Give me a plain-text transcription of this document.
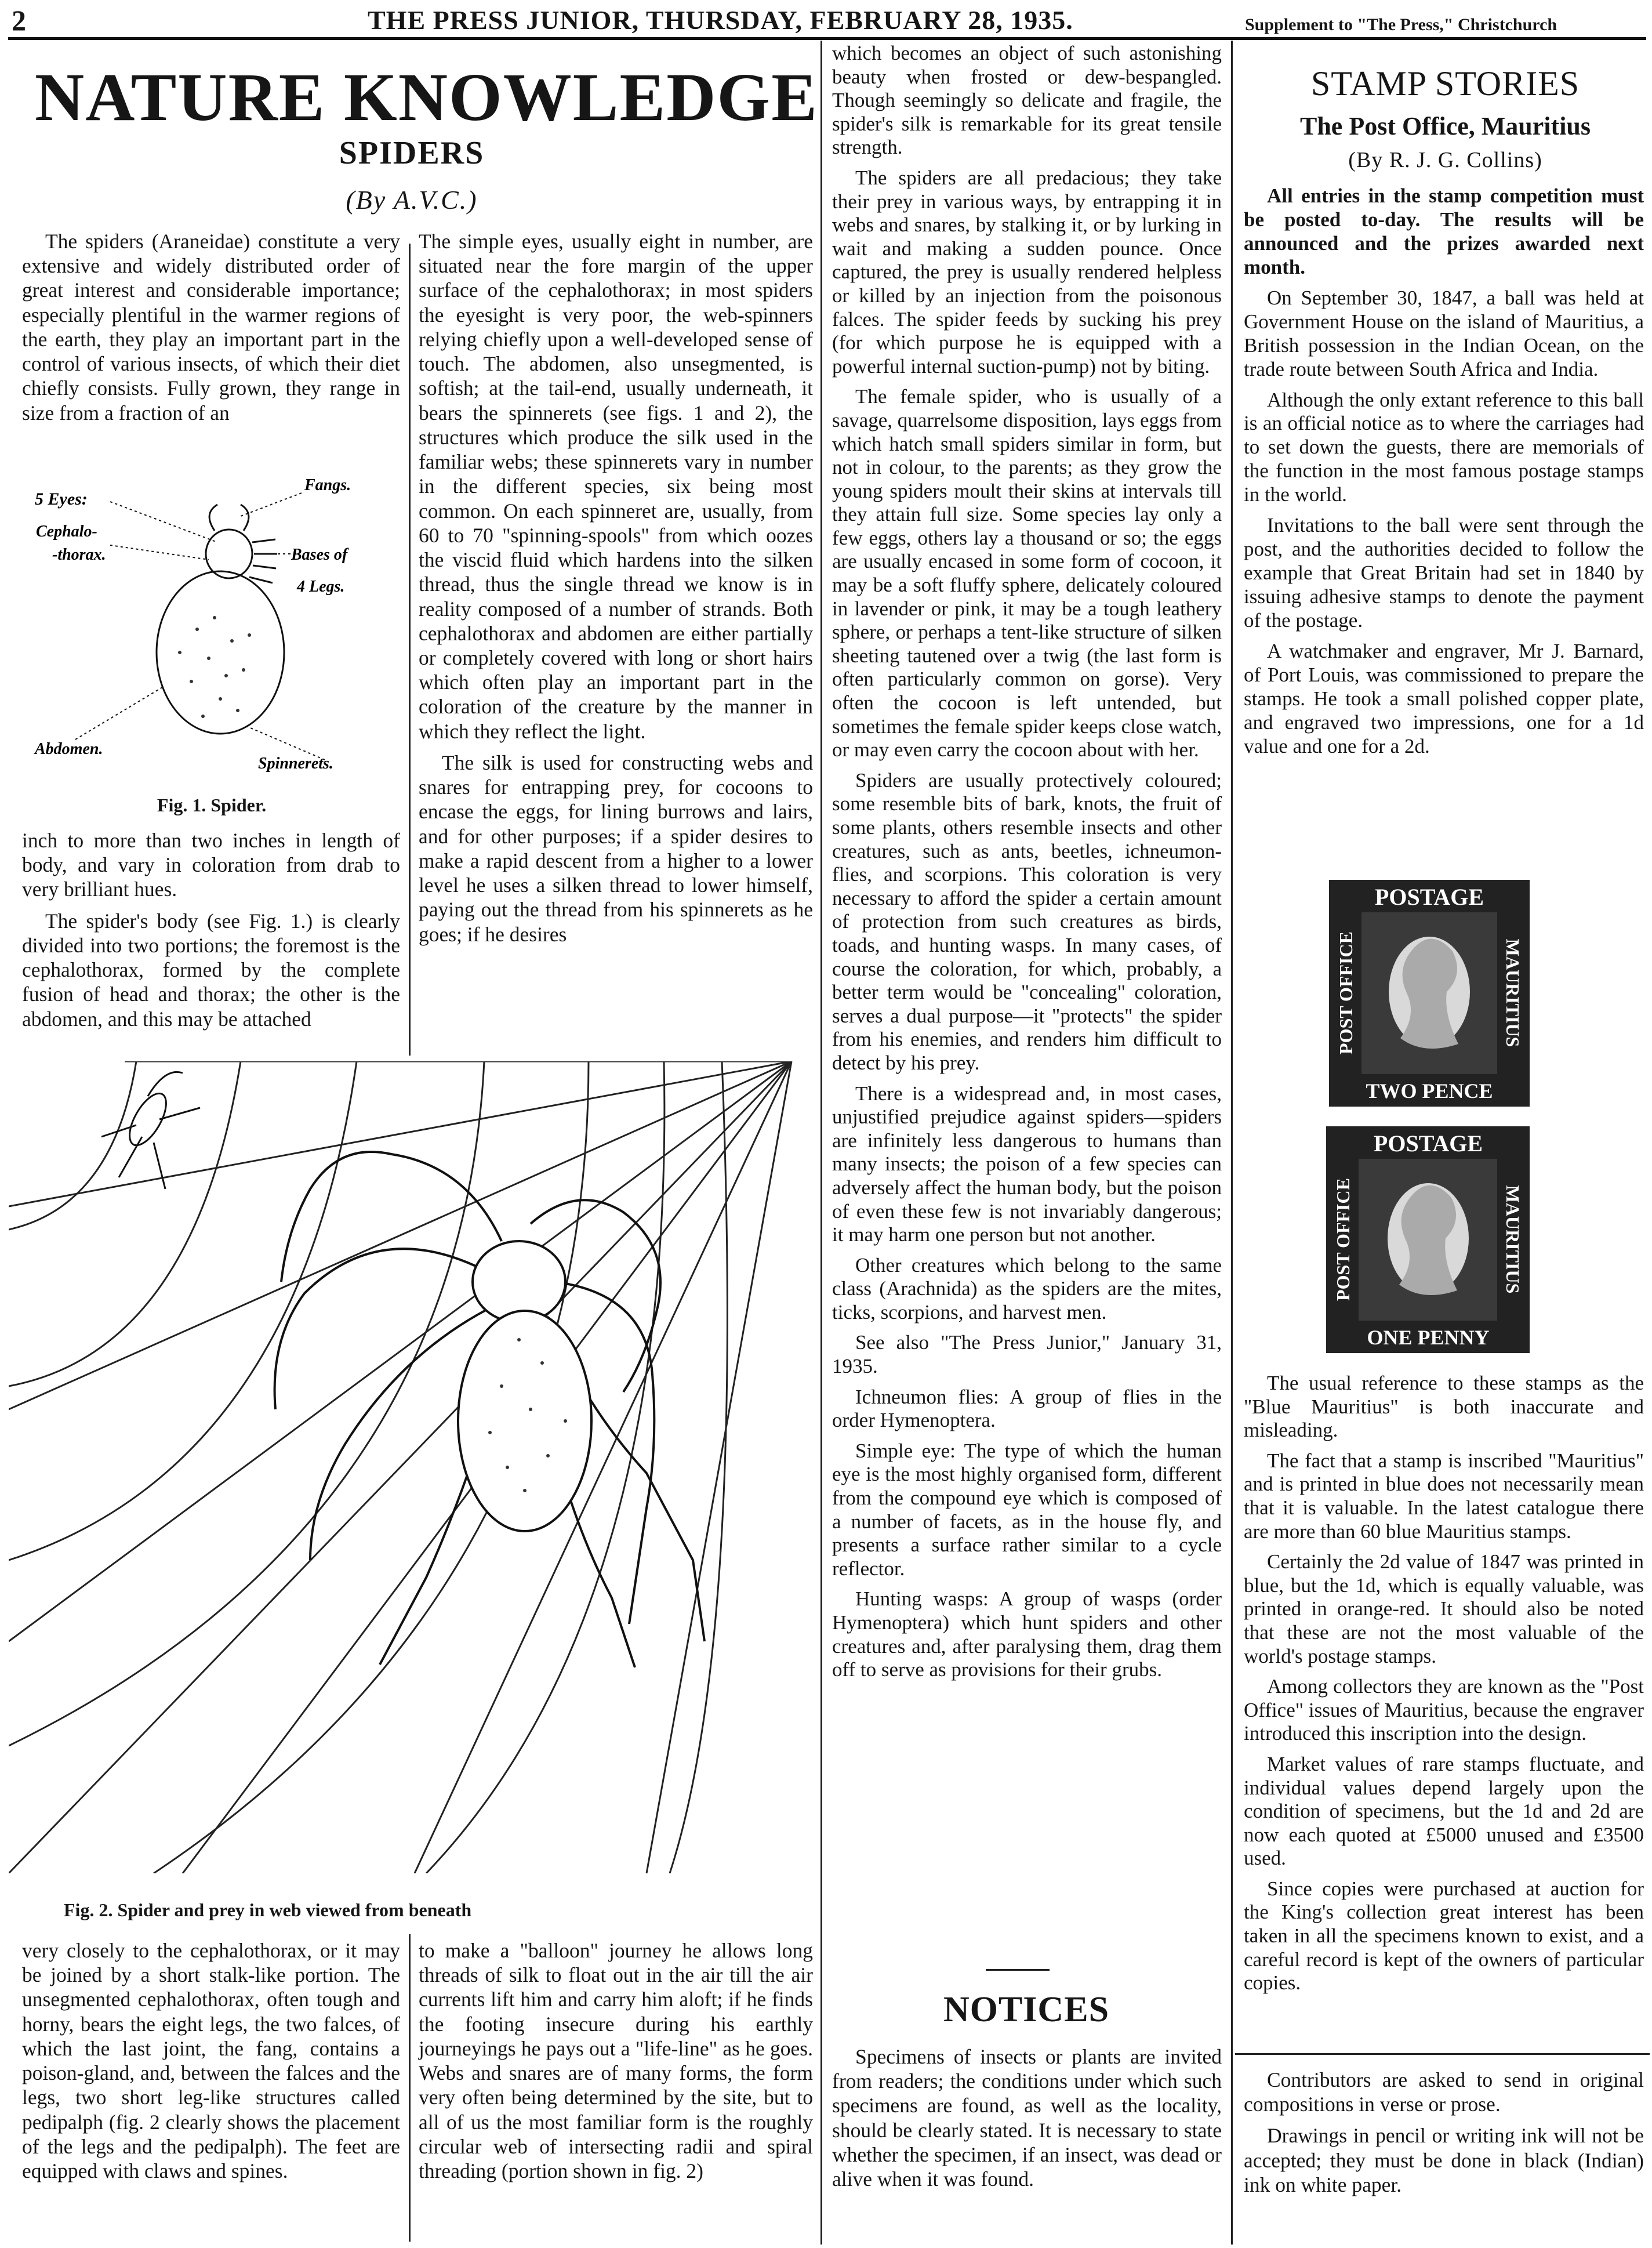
2	THE PRESS JUNIOR, THURSDAY, FEBRUARY 28, 1935.	Supplement to "The Press," Christchurch
NATURE KNOWLEDGE
SPIDERS
(By A.V.C.)

The spiders (Araneidae) constitute a very extensive and widely distributed order of great interest and considerable importance; especially plentiful in the warmer regions of the earth, they play an important part in the control of various insects, of which their diet chiefly consists. Fully grown, they range in size from a fraction of an

5 Eyes:
Fangs.
Cephalo-
-thorax.	Bases of
4 Legs.
Abdomen.
Spinnerets.
Fig. 1. Spider.

inch to more than two inches in length of body, and vary in coloration from drab to very brilliant hues.

The spider's body (see Fig. 1.) is clearly divided into two portions; the foremost is the cephalothorax, formed by the complete fusion of head and thorax; the other is the abdomen, and this may be attached

The simple eyes, usually eight in number, are situated near the fore margin of the upper surface of the cephalothorax; in most spiders the eyesight is very poor, the web-spinners relying chiefly upon a well-developed sense of touch. The abdomen, also unsegmented, is softish; at the tail-end, usually underneath, it bears the spinnerets (see figs. 1 and 2), the structures which produce the silk used in the familiar webs; these spinnerets vary in number in the different species, six being most common. On each spinneret are, usually, from 60 to 70 "spinning-spools" from which oozes the viscid fluid which hardens into the silken thread, thus the single thread we know is in reality composed of a number of strands. Both cephalothorax and abdomen are either partially or completely covered with long or short hairs which often play an important part in the coloration of the creature by the manner in which they reflect the light.

The silk is used for constructing webs and snares for entrapping prey, for cocoons to encase the eggs, for lining burrows and lairs, and for other purposes; if a spider desires to make a rapid descent from a higher to a lower level he uses a silken thread to lower himself, paying out the thread from his spinnerets as he goes; if he desires

Fig. 2. Spider and prey in web viewed from beneath

very closely to the cephalothorax, or it may be joined by a short stalk-like portion. The unsegmented cephalothorax, often tough and horny, bears the eight legs, the two falces, of which the last joint, the fang, contains a poison-gland, and, between the falces and the legs, two short leg-like structures called pedipalph (fig. 2 clearly shows the placement of the legs and the pedipalph). The feet are equipped with claws and spines.

to make a "balloon" journey he allows long threads of silk to float out in the air till the air currents lift him and carry him aloft; if he finds the footing insecure during his earthly journeyings he pays out a "life-line" as he goes. Webs and snares are of many forms, the form very often being determined by the site, but to all of us the most familiar form is the roughly circular web of intersecting radii and spiral threading (portion shown in fig. 2)

which becomes an object of such astonishing beauty when frosted or dew-bespangled. Though seemingly so delicate and fragile, the spider's silk is remarkable for its great tensile strength.

The spiders are all predacious; they take their prey in various ways, by entrapping it in webs and snares, by stalking it, or by lurking in wait and making a sudden pounce. Once captured, the prey is usually rendered helpless or killed by an injection from the poisonous falces. The spider feeds by sucking his prey (for which purpose he is equipped with a powerful internal suction-pump) not by biting.

The female spider, who is usually of a savage, quarrelsome disposition, lays eggs from which hatch small spiders similar in form, but not in colour, to the parents; as they grow the young spiders moult their skins at intervals till they attain full size. Some species lay only a few eggs, others lay a thousand or so; the eggs are usually encased in some form of cocoon, it may be a soft fluffy sphere, delicately coloured in lavender or pink, it may be a tough leathery sphere, or perhaps a tent-like structure of silken sheeting tautened over a twig (the last form is often particularly common on gorse). Very often the cocoon is left untended, but sometimes the female spider keeps close watch, or may even carry the cocoon about with her.

Spiders are usually protectively coloured; some resemble bits of bark, knots, the fruit of some plants, others resemble insects and other creatures, such as ants, beetles, ichneumon-flies, and scorpions. This coloration is very necessary to afford the spider a certain amount of protection from such creatures as birds, toads, and hunting wasps. In many cases, of course the coloration, for which, probably, a better term would be "concealing" coloration, serves a dual purpose—it "protects" the spider from his enemies, and renders him difficult to detect by his prey.

There is a widespread and, in most cases, unjustified prejudice against spiders—spiders are infinitely less dangerous to humans than many insects; the poison of a few species can adversely affect the human body, but the poison of even these few is not invariably dangerous; it may harm one person but not another.

Other creatures which belong to the same class (Arachnida) as the spiders are the mites, ticks, scorpions, and harvest men.

See also "The Press Junior," January 31, 1935.

Ichneumon flies: A group of flies in the order Hymenoptera.

Simple eye: The type of which the human eye is the most highly organised form, different from the compound eye which is composed of a number of facets, as in the house fly, and presents a surface rather similar to a cycle reflector.

Hunting wasps: A group of wasps (order Hymenoptera) which hunt spiders and other creatures and, after paralysing them, drag them off to serve as provisions for their grubs.

NOTICES

Specimens of insects or plants are invited from readers; the conditions under which such specimens are found, as well as the locality, should be clearly stated. It is necessary to state whether the specimen, if an insect, was dead or alive when it was found.

STAMP STORIES
The Post Office, Mauritius
(By R. J. G. Collins)

All entries in the stamp competition must be posted to-day. The results will be announced and the prizes awarded next month.

On September 30, 1847, a ball was held at Government House on the island of Mauritius, a British possession in the Indian Ocean, on the trade route between South Africa and India.

Although the only extant reference to this ball is an official notice as to where the carriages had to set down the guests, there are memorials of the function in the most famous postage stamps in the world.

Invitations to the ball were sent through the post, and the authorities decided to follow the example that Great Britain had set in 1840 by issuing adhesive stamps to denote the payment of the postage.

A watchmaker and engraver, Mr J. Barnard, of Port Louis, was commissioned to prepare the stamps. He took a small polished copper plate, and engraved two impressions, one for a 1d value and one for a 2d.

POSTAGE
TWO PENCE
POST OFFICE	MAURITIUS
POSTAGE
ONE PENNY
POST OFFICE	MAURITIUS

The usual reference to these stamps as the "Blue Mauritius" is both inaccurate and misleading.

The fact that a stamp is inscribed "Mauritius" and is printed in blue does not necessarily mean that it is valuable. In the latest catalogue there are more than 60 blue Mauritius stamps.

Certainly the 2d value of 1847 was printed in blue, but the 1d, which is equally valuable, was printed in orange-red. It should also be noted that these are not the most valuable of the world's postage stamps.

Among collectors they are known as the "Post Office" issues of Mauritius, because the engraver introduced this inscription into the design.

Market values of rare stamps fluctuate, and individual values depend largely upon the condition of specimens, but the 1d and 2d are now each quoted at £5000 unused and £3500 used.

Since copies were purchased at auction for the King's collection great interest has been taken in all the specimens known to exist, and a careful record is kept of the owners of particular copies.

Contributors are asked to send in original compositions in verse or prose.

Drawings in pencil or writing ink will not be accepted; they must be done in black (Indian) ink on white paper.
